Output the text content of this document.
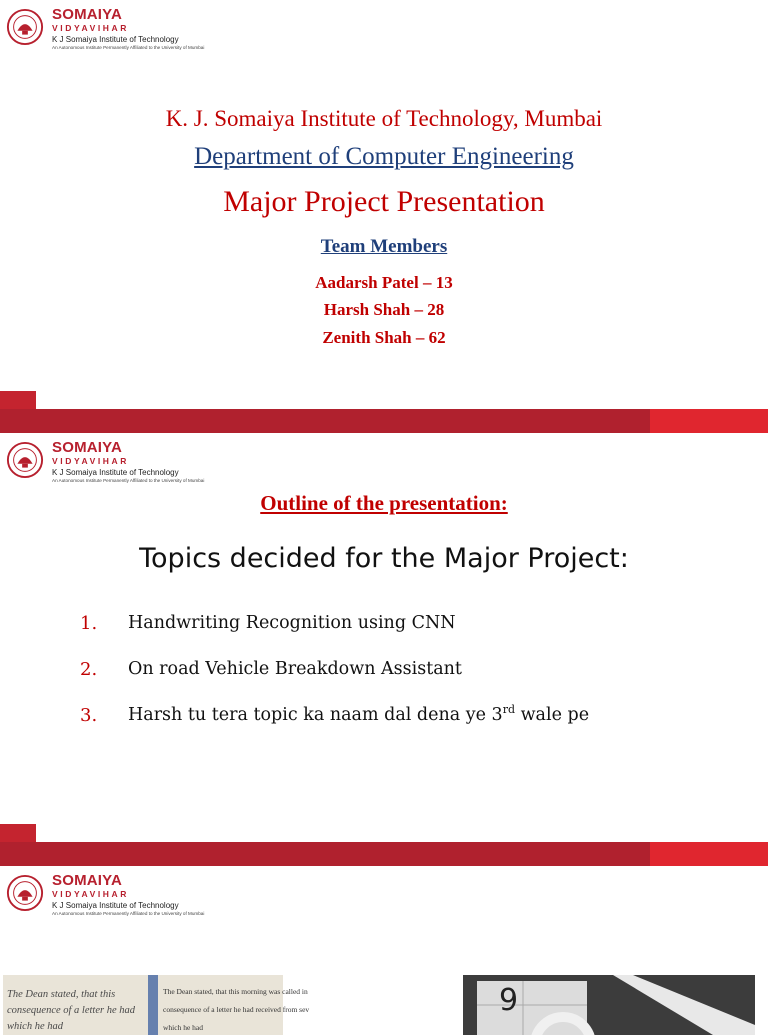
SOMAIYA
VIDYAVIHAR
K J Somaiya Institute of Technology
An Autonomous Institute Permanently Affiliated to the University of Mumbai
K. J. Somaiya Institute of Technology, Mumbai
Department of Computer Engineering
Major Project Presentation
Team Members
Aadarsh Patel – 13
Harsh Shah – 28
Zenith Shah – 62
SOMAIYA
VIDYAVIHAR
K J Somaiya Institute of Technology
An Autonomous Institute Permanently Affiliated to the University of Mumbai
Outline of the presentation:
Topics decided for the Major Project:
1. Handwriting Recognition using CNN
2. On road Vehicle Breakdown Assistant
3. Harsh tu tera topic ka naam dal dena ye 3rd wale pe
SOMAIYA
VIDYAVIHAR
K J Somaiya Institute of Technology
An Autonomous Institute Permanently Affiliated to the University of Mumbai
The Dean stated, that this
consequence of a letter he had
which he had
The Dean stated, that this morning was called in
consequence of a letter he had received from sev
which he had
9
